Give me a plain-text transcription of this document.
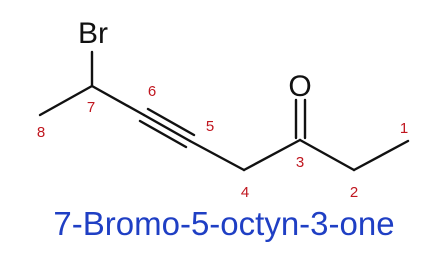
Br
O
1
2
3
4
5
6
7
8
7-Bromo-5-octyn-3-one
